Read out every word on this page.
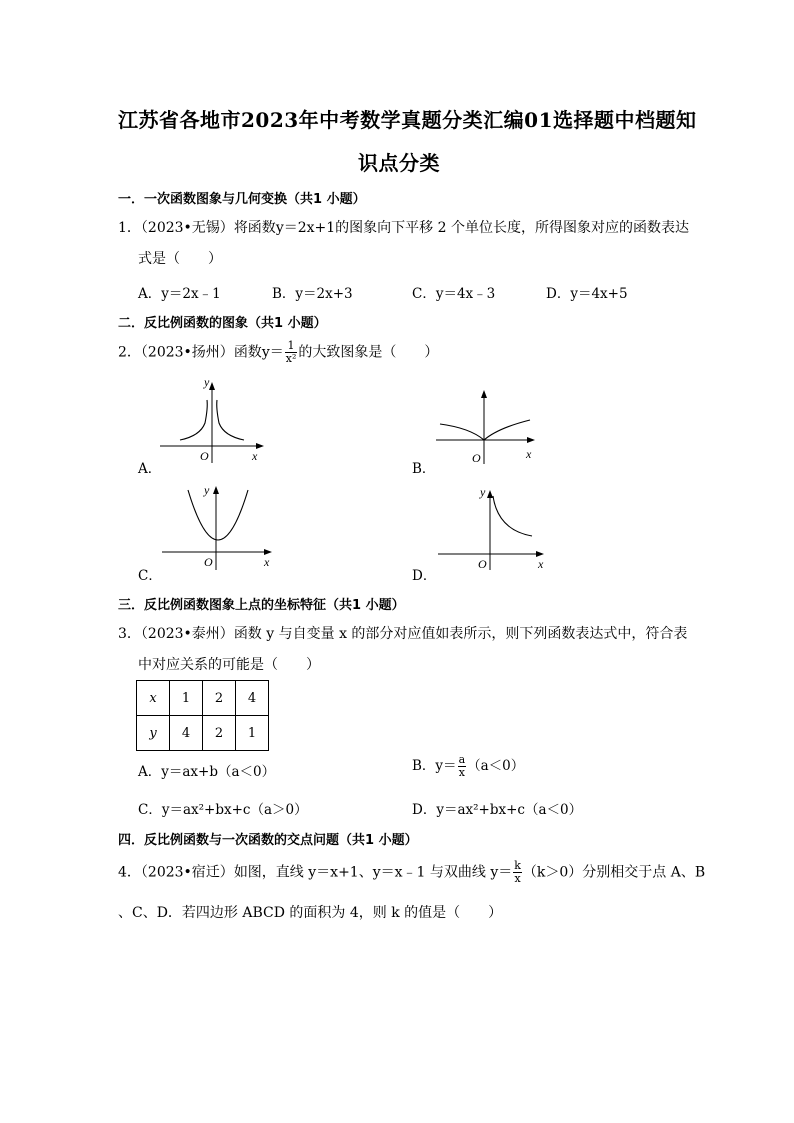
江苏省各地市2023年中考数学真题分类汇编01选择题中档题知
识点分类
一．一次函数图象与几何变换（共1 小题）
1．（2023•无锡）将函数y＝2x+1的图象向下平移 2 个单位长度，所得图象对应的函数表达
式是（　　）
A．y＝2x﹣1	B．y＝2x+3	C．y＝4x﹣3	D．y＝4x+5
二．反比例函数的图象（共1 小题）
2．（2023•扬州）函数$y= \frac{1}{\text{x²}}$ 的大致图象是（　　）
A．
y
x
O
B．
O	x
C．
y
x
O
D．
y
x
O
三．反比例函数图象上点的坐标特征（共1 小题）
3．（2023•泰州）函数 y 与自变量 x 的部分对应值如表所示，则下列函数表达式中，符合表
中对应关系的可能是（　　）
x	1	2	4
y	4	2	1
A．y＝ax+b（a＜0）	B．$y= \frac{a}{x} (a<0)$
C．y＝ax²+bx+c（a＞0）	D．y＝ax²+bx+c（a＜0）
四．反比例函数与一次函数的交点问题（共1 小题）
4．（2023•宿迁）如图，直线 y＝x+1、y＝x﹣1 与双曲线 $y= \frac{k}{x} (k>0)$分别相交于点 A、B
、C、D．若四边形 ABCD 的面积为 4，则 k 的值是（　　）
